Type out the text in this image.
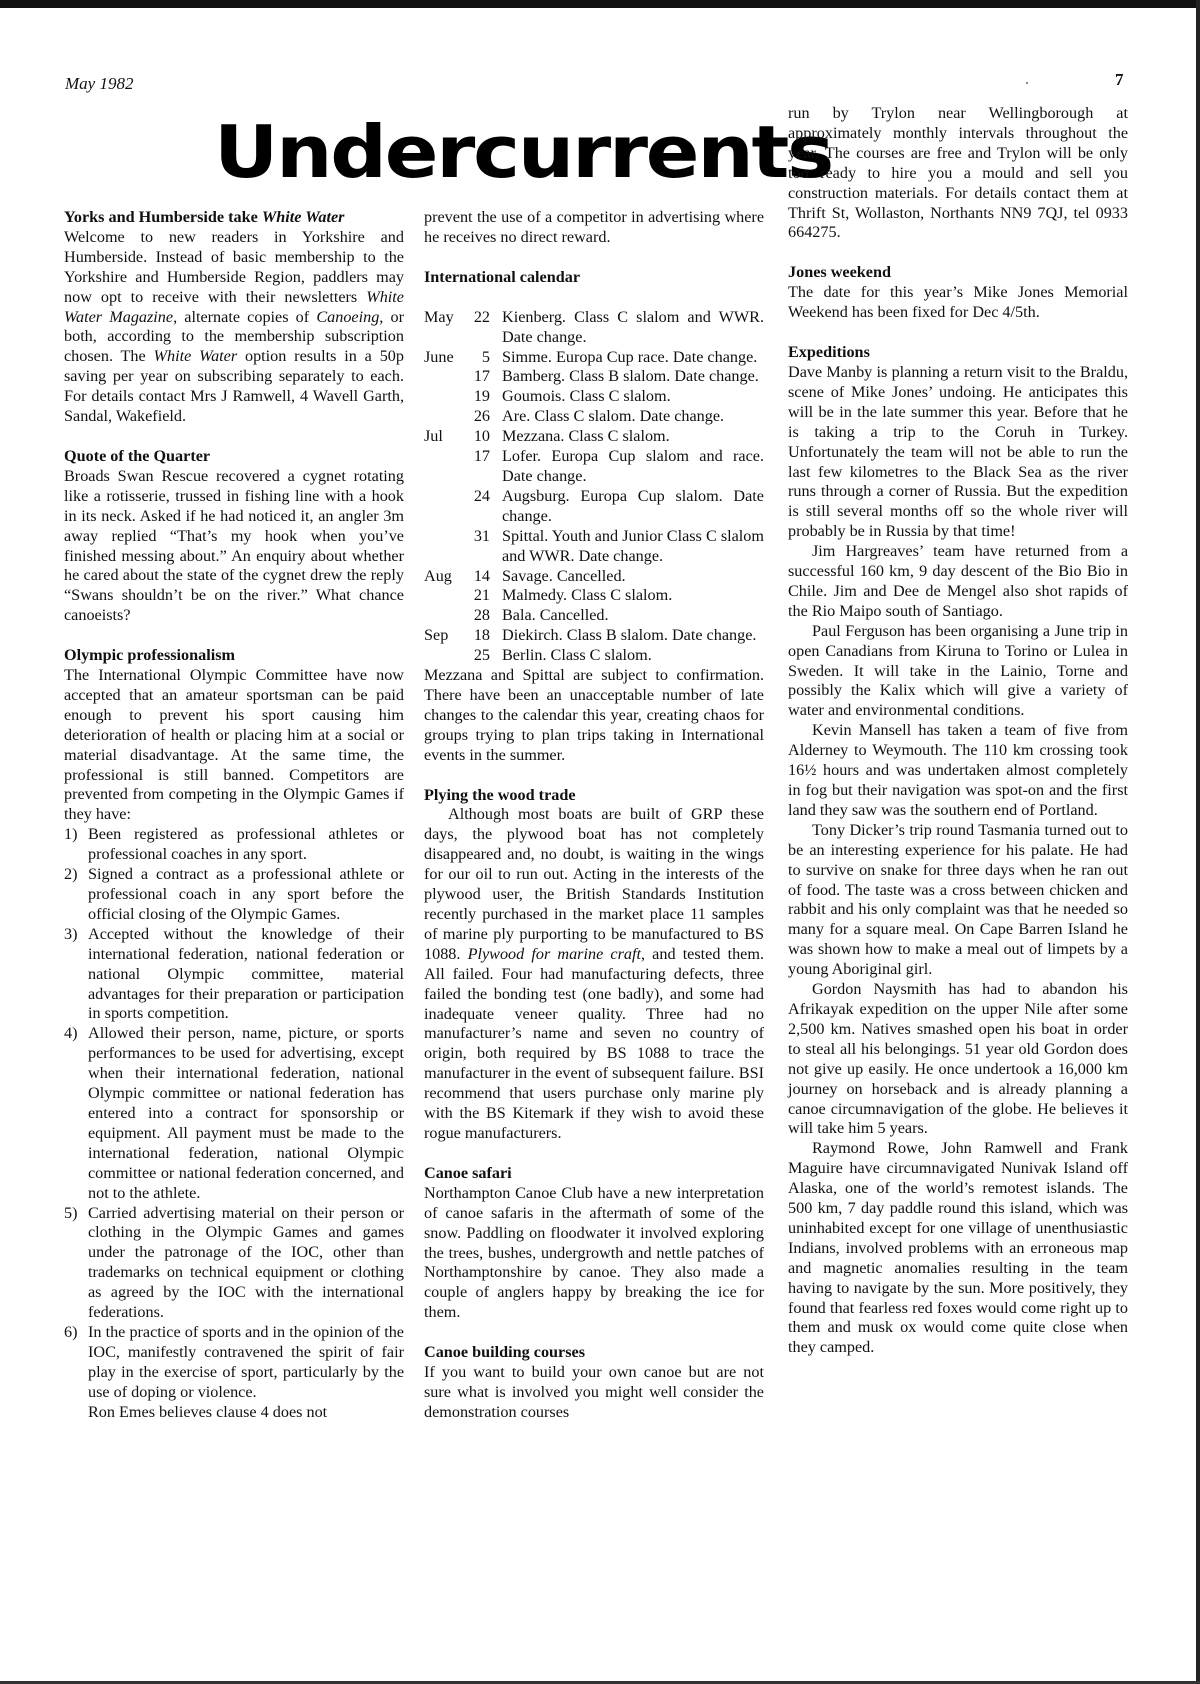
May 1982	7
Undercurrents

Yorks and Humberside take White Water

Welcome to new readers in Yorkshire and Humberside. Instead of basic membership to the Yorkshire and Humberside Region, paddlers may now opt to receive with their newsletters White Water Magazine, alternate copies of Canoeing, or both, according to the membership subscription chosen. The White Water option results in a 50p saving per year on subscribing separately to each. For details contact Mrs J Ramwell, 4 Wavell Garth, Sandal, Wakefield.

Quote of the Quarter

Broads Swan Rescue recovered a cygnet rotating like a rotisserie, trussed in fishing line with a hook in its neck. Asked if he had noticed it, an angler 3m away replied “That’s my hook when you’ve finished messing about.” An enquiry about whether he cared about the state of the cygnet drew the reply “Swans shouldn’t be on the river.” What chance canoeists?

Olympic professionalism

The International Olympic Committee have now accepted that an amateur sportsman can be paid enough to prevent his sport causing him deterioration of health or placing him at a social or material disadvantage. At the same time, the professional is still banned. Competitors are prevented from competing in the Olympic Games if they have:

1) Been registered as professional athletes or professional coaches in any sport.
2) Signed a contract as a professional athlete or professional coach in any sport before the official closing of the Olympic Games.
3) Accepted without the knowledge of their international federation, national federation or national Olympic committee, material advantages for their preparation or participation in sports competition.
4) Allowed their person, name, picture, or sports performances to be used for advertising, except when their international federation, national Olympic committee or national federation has entered into a contract for sponsorship or equipment. All payment must be made to the international federation, national Olympic committee or national federation concerned, and not to the athlete.
5) Carried advertising material on their person or clothing in the Olympic Games and games under the patronage of the IOC, other than trademarks on technical equipment or clothing as agreed by the IOC with the international federations.
6) In the practice of sports and in the opinion of the IOC, manifestly contravened the spirit of fair play in the exercise of sport, particularly by the use of doping or violence.

Ron Emes believes clause 4 does not

prevent the use of a competitor in advertising where he receives no direct reward.

International calendar

May	22 Kienberg. Class C slalom and WWR. Date change.
June	5 Simme. Europa Cup race. Date change.
17 Bamberg. Class B slalom. Date change.
19 Goumois. Class C slalom.
26 Are. Class C slalom. Date change.
Jul	10 Mezzana. Class C slalom.
17 Lofer. Europa Cup slalom and race. Date change.
24 Augsburg. Europa Cup slalom. Date change.
31 Spittal. Youth and Junior Class C slalom and WWR. Date change.
Aug	14 Savage. Cancelled.
21 Malmedy. Class C slalom.
28 Bala. Cancelled.
Sep	18 Diekirch. Class B slalom. Date change.
25 Berlin. Class C slalom.

Mezzana and Spittal are subject to confirmation. There have been an unacceptable number of late changes to the calendar this year, creating chaos for groups trying to plan trips taking in International events in the summer.

Plying the wood trade

Although most boats are built of GRP these days, the plywood boat has not completely disappeared and, no doubt, is waiting in the wings for our oil to run out. Acting in the interests of the plywood user, the British Standards Institution recently purchased in the market place 11 samples of marine ply purporting to be manufactured to BS 1088. Plywood for marine craft, and tested them. All failed. Four had manufacturing defects, three failed the bonding test (one badly), and some had inadequate veneer quality. Three had no manufacturer’s name and seven no country of origin, both required by BS 1088 to trace the manufacturer in the event of subsequent failure. BSI recommend that users purchase only marine ply with the BS Kitemark if they wish to avoid these rogue manufacturers.

Canoe safari

Northampton Canoe Club have a new interpretation of canoe safaris in the aftermath of some of the snow. Paddling on floodwater it involved exploring the trees, bushes, undergrowth and nettle patches of Northamptonshire by canoe. They also made a couple of anglers happy by breaking the ice for them.

Canoe building courses

If you want to build your own canoe but are not sure what is involved you might well consider the demonstration courses

run by Trylon near Wellingborough at approximately monthly intervals throughout the year. The courses are free and Trylon will be only too ready to hire you a mould and sell you construction materials. For details contact them at Thrift St, Wollaston, Northants NN9 7QJ, tel 0933 664275.

Jones weekend

The date for this year’s Mike Jones Memorial Weekend has been fixed for Dec 4/5th.

Expeditions

Dave Manby is planning a return visit to the Braldu, scene of Mike Jones’ undoing. He anticipates this will be in the late summer this year. Before that he is taking a trip to the Coruh in Turkey. Unfortunately the team will not be able to run the last few kilometres to the Black Sea as the river runs through a corner of Russia. But the expedition is still several months off so the whole river will probably be in Russia by that time!

Jim Hargreaves’ team have returned from a successful 160 km, 9 day descent of the Bio Bio in Chile. Jim and Dee de Mengel also shot rapids of the Rio Maipo south of Santiago.

Paul Ferguson has been organising a June trip in open Canadians from Kiruna to Torino or Lulea in Sweden. It will take in the Lainio, Torne and possibly the Kalix which will give a variety of water and environmental conditions.

Kevin Mansell has taken a team of five from Alderney to Weymouth. The 110 km crossing took 16½ hours and was undertaken almost completely in fog but their navigation was spot-on and the first land they saw was the southern end of Portland.

Tony Dicker’s trip round Tasmania turned out to be an interesting experience for his palate. He had to survive on snake for three days when he ran out of food. The taste was a cross between chicken and rabbit and his only complaint was that he needed so many for a square meal. On Cape Barren Island he was shown how to make a meal out of limpets by a young Aboriginal girl.

Gordon Naysmith has had to abandon his Afrikayak expedition on the upper Nile after some 2,500 km. Natives smashed open his boat in order to steal all his belongings. 51 year old Gordon does not give up easily. He once undertook a 16,000 km journey on horseback and is already planning a canoe circumnavigation of the globe. He believes it will take him 5 years.

Raymond Rowe, John Ramwell and Frank Maguire have circumnavigated Nunivak Island off Alaska, one of the world’s remotest islands. The 500 km, 7 day paddle round this island, which was uninhabited except for one village of unenthusiastic Indians, involved problems with an erroneous map and magnetic anomalies resulting in the team having to navigate by the sun. More positively, they found that fearless red foxes would come right up to them and musk ox would come quite close when they camped.
